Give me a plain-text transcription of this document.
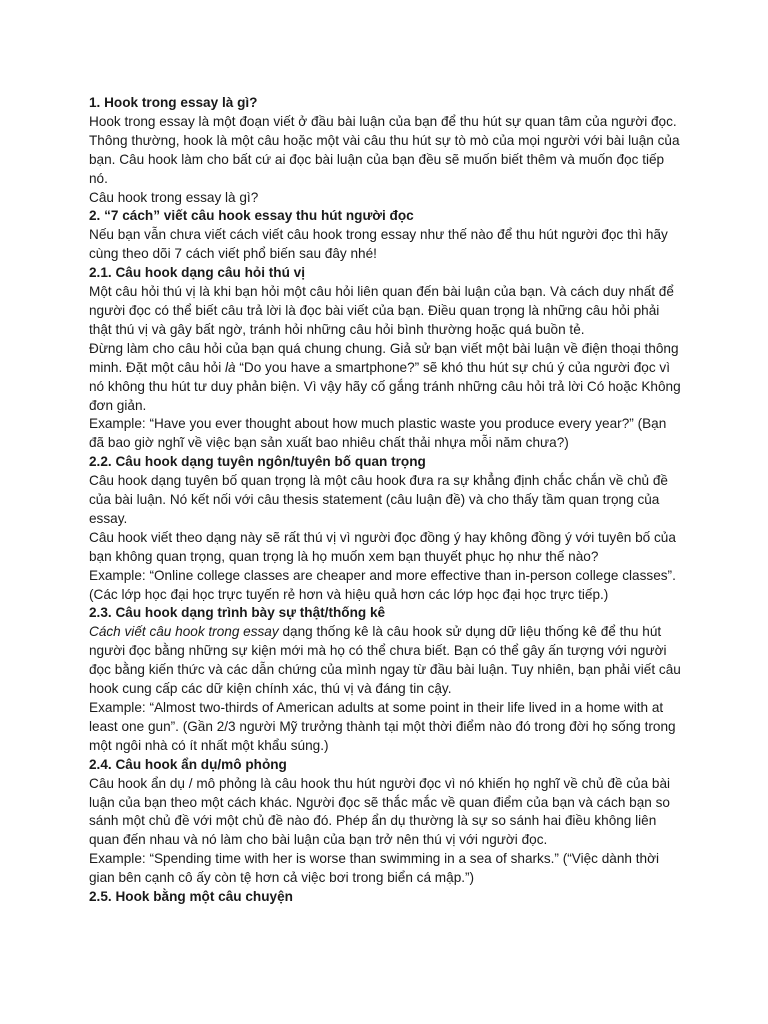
1. Hook trong essay là gì?

Hook trong essay là một đoạn viết ở đầu bài luận của bạn để thu hút sự quan tâm của người đọc. Thông thường, hook là một câu hoặc một vài câu thu hút sự tò mò của mọi người với bài luận của bạn. Câu hook làm cho bất cứ ai đọc bài luận của bạn đều sẽ muốn biết thêm và muốn đọc tiếp nó.

Câu hook trong essay là gì?

2. “7 cách” viết câu hook essay thu hút người đọc

Nếu bạn vẫn chưa viết cách viết câu hook trong essay như thế nào để thu hút người đọc thì hãy cùng theo dõi 7 cách viết phổ biến sau đây nhé!

2.1. Câu hook dạng câu hỏi thú vị

Một câu hỏi thú vị là khi bạn hỏi một câu hỏi liên quan đến bài luận của bạn. Và cách duy nhất để người đọc có thể biết câu trả lời là đọc bài viết của bạn. Điều quan trọng là những câu hỏi phải thật thú vị và gây bất ngờ, tránh hỏi những câu hỏi bình thường hoặc quá buồn tẻ.

Đừng làm cho câu hỏi của bạn quá chung chung. Giả sử bạn viết một bài luận về điện thoại thông minh. Đặt một câu hỏi là “Do you have a smartphone?” sẽ khó thu hút sự chú ý của người đọc vì nó không thu hút tư duy phản biện. Vì vậy hãy cố gắng tránh những câu hỏi trả lời Có hoặc Không đơn giản.

Example: “Have you ever thought about how much plastic waste you produce every year?” (Bạn đã bao giờ nghĩ về việc bạn sản xuất bao nhiêu chất thải nhựa mỗi năm chưa?)

2.2. Câu hook dạng tuyên ngôn/tuyên bố quan trọng

Câu hook dạng tuyên bố quan trọng là một câu hook đưa ra sự khẳng định chắc chắn về chủ đề của bài luận. Nó kết nối với câu thesis statement (câu luận đề) và cho thấy tầm quan trọng của essay.

Câu hook viết theo dạng này sẽ rất thú vị vì người đọc đồng ý hay không đồng ý với tuyên bố của bạn không quan trọng, quan trọng là họ muốn xem bạn thuyết phục họ như thế nào?

Example: “Online college classes are cheaper and more effective than in-person college classes”. (Các lớp học đại học trực tuyến rẻ hơn và hiệu quả hơn các lớp học đại học trực tiếp.)

2.3. Câu hook dạng trình bày sự thật/thống kê

Cách viết câu hook trong essay dạng thống kê là câu hook sử dụng dữ liệu thống kê để thu hút người đọc bằng những sự kiện mới mà họ có thể chưa biết. Bạn có thể gây ấn tượng với người đọc bằng kiến thức và các dẫn chứng của mình ngay từ đầu bài luận. Tuy nhiên, bạn phải viết câu hook cung cấp các dữ kiện chính xác, thú vị và đáng tin cậy.

Example: “Almost two-thirds of American adults at some point in their life lived in a home with at least one gun”. (Gần 2/3 người Mỹ trưởng thành tại một thời điểm nào đó trong đời họ sống trong một ngôi nhà có ít nhất một khẩu súng.)

2.4. Câu hook ẩn dụ/mô phỏng

Câu hook ẩn dụ / mô phỏng là câu hook thu hút người đọc vì nó khiến họ nghĩ về chủ đề của bài luận của bạn theo một cách khác. Người đọc sẽ thắc mắc về quan điểm của bạn và cách bạn so sánh một chủ đề với một chủ đề nào đó. Phép ẩn dụ thường là sự so sánh hai điều không liên quan đến nhau và nó làm cho bài luận của bạn trở nên thú vị với người đọc.

Example: “Spending time with her is worse than swimming in a sea of sharks.” (“Việc dành thời gian bên cạnh cô ấy còn tệ hơn cả việc bơi trong biển cá mập.”)

2.5. Hook bằng một câu chuyện
